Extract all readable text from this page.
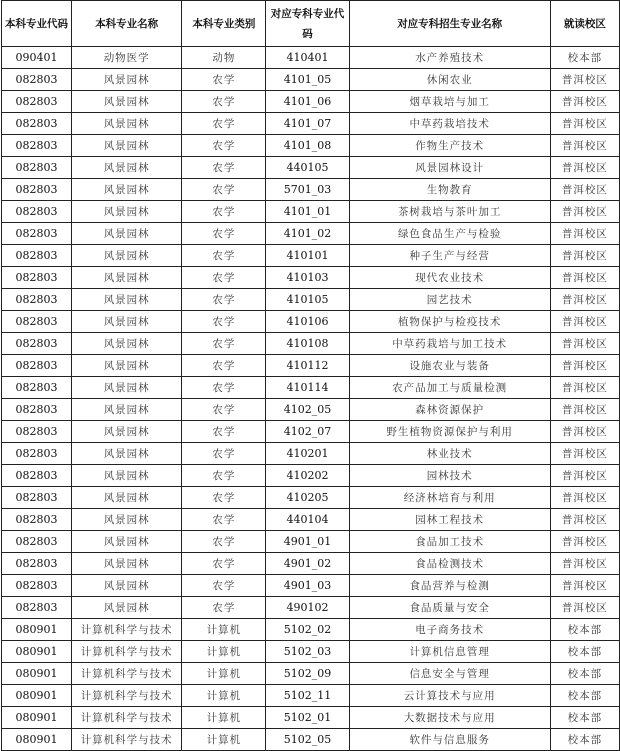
本科专业代码	本科专业名称	本科专业类别	对应专科专业代码	对应专科招生专业名称	就读校区
090401	动物医学	动物	410401	水产养殖技术	校本部
082803	风景园林	农学	4101_05	休闲农业	普洱校区
082803	风景园林	农学	4101_06	烟草栽培与加工	普洱校区
082803	风景园林	农学	4101_07	中草药栽培技术	普洱校区
082803	风景园林	农学	4101_08	作物生产技术	普洱校区
082803	风景园林	农学	440105	风景园林设计	普洱校区
082803	风景园林	农学	5701_03	生物教育	普洱校区
082803	风景园林	农学	4101_01	茶树栽培与茶叶加工	普洱校区
082803	风景园林	农学	4101_02	绿色食品生产与检验	普洱校区
082803	风景园林	农学	410101	种子生产与经营	普洱校区
082803	风景园林	农学	410103	现代农业技术	普洱校区
082803	风景园林	农学	410105	园艺技术	普洱校区
082803	风景园林	农学	410106	植物保护与检疫技术	普洱校区
082803	风景园林	农学	410108	中草药栽培与加工技术	普洱校区
082803	风景园林	农学	410112	设施农业与装备	普洱校区
082803	风景园林	农学	410114	农产品加工与质量检测	普洱校区
082803	风景园林	农学	4102_05	森林资源保护	普洱校区
082803	风景园林	农学	4102_07	野生植物资源保护与利用	普洱校区
082803	风景园林	农学	410201	林业技术	普洱校区
082803	风景园林	农学	410202	园林技术	普洱校区
082803	风景园林	农学	410205	经济林培育与利用	普洱校区
082803	风景园林	农学	440104	园林工程技术	普洱校区
082803	风景园林	农学	4901_01	食品加工技术	普洱校区
082803	风景园林	农学	4901_02	食品检测技术	普洱校区
082803	风景园林	农学	4901_03	食品营养与检测	普洱校区
082803	风景园林	农学	490102	食品质量与安全	普洱校区
080901	计算机科学与技术	计算机	5102_02	电子商务技术	校本部
080901	计算机科学与技术	计算机	5102_03	计算机信息管理	校本部
080901	计算机科学与技术	计算机	5102_09	信息安全与管理	校本部
080901	计算机科学与技术	计算机	5102_11	云计算技术与应用	校本部
080901	计算机科学与技术	计算机	5102_01	大数据技术与应用	校本部
080901	计算机科学与技术	计算机	5102_05	软件与信息服务	校本部
